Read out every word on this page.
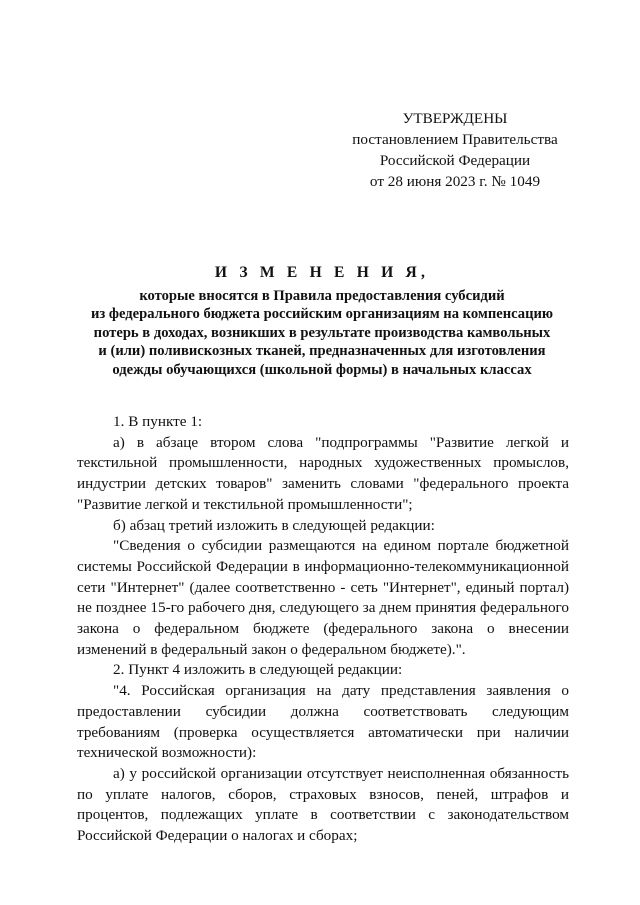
УТВЕРЖДЕНЫ
постановлением Правительства
Российской Федерации
от 28 июня 2023 г. № 1049
И З М Е Н Е Н И Я,
которые вносятся в Правила предоставления субсидий
из федерального бюджета российским организациям на компенсацию
потерь в доходах, возникших в результате производства камвольных
и (или) поливискозных тканей, предназначенных для изготовления
одежды обучающихся (школьной формы) в начальных классах

1. В пункте 1:

а) в абзаце втором слова "подпрограммы "Развитие легкой и текстильной промышленности, народных художественных промыслов, индустрии детских товаров" заменить словами "федерального проекта "Развитие легкой и текстильной промышленности";

б) абзац третий изложить в следующей редакции:

"Сведения о субсидии размещаются на едином портале бюджетной системы Российской Федерации в информационно-телекоммуникационной сети "Интернет" (далее соответственно - сеть "Интернет", единый портал) не позднее 15-го рабочего дня, следующего за днем принятия федерального закона о федеральном бюджете (федерального закона о внесении изменений в федеральный закон о федеральном бюджете).".

2. Пункт 4 изложить в следующей редакции:

"4. Российская организация на дату представления заявления о предоставлении субсидии должна соответствовать следующим требованиям (проверка осуществляется автоматически при наличии технической возможности):

а) у российской организации отсутствует неисполненная обязанность по уплате налогов, сборов, страховых взносов, пеней, штрафов и процентов, подлежащих уплате в соответствии с законодательством Российской Федерации о налогах и сборах;
